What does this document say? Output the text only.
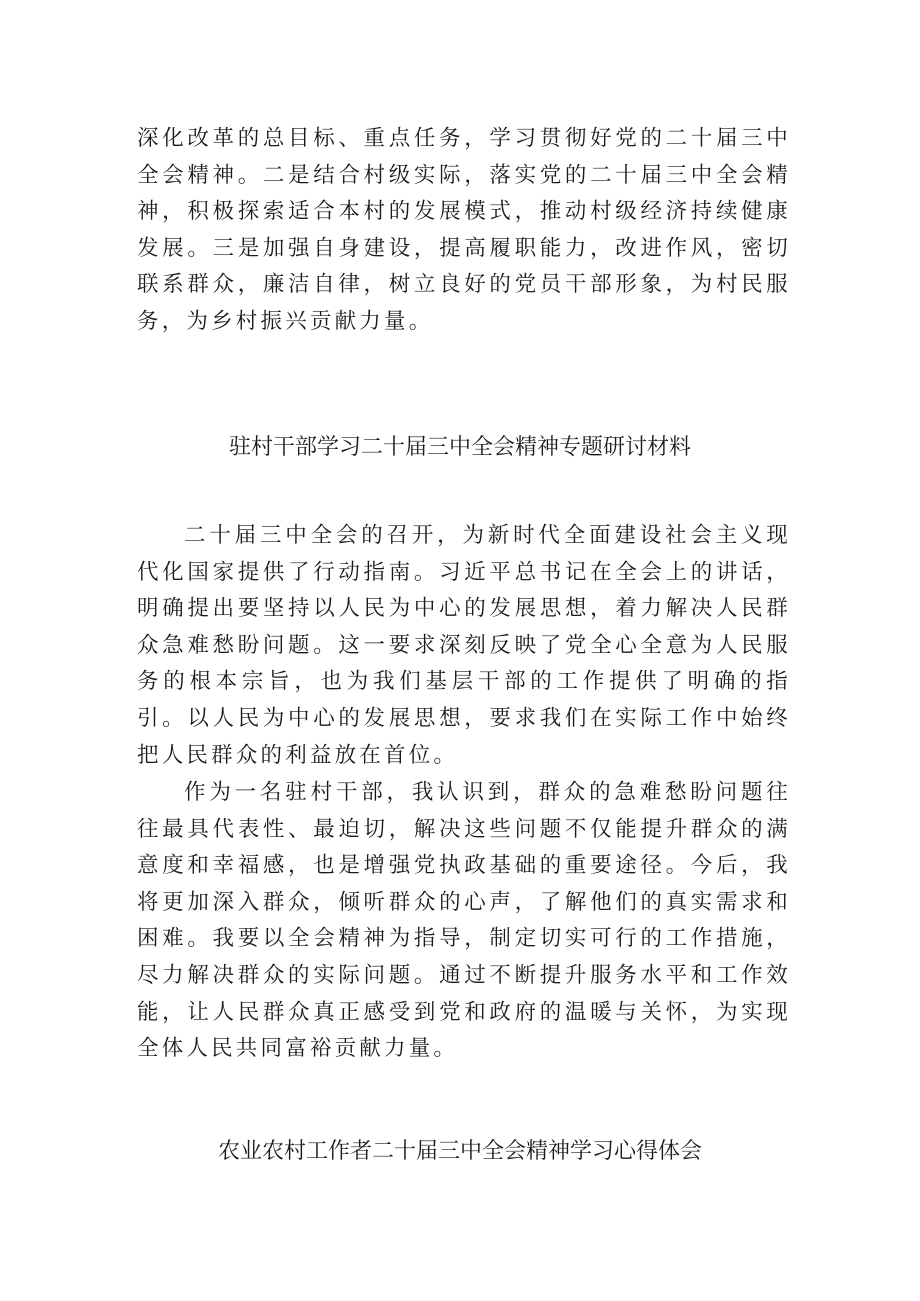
深化改革的总目标、重点任务，学习贯彻好党的二十届三中全会精神。二是结合村级实际，落实党的二十届三中全会精神，积极探索适合本村的发展模式，推动村级经济持续健康发展。三是加强自身建设，提高履职能力，改进作风，密切联系群众，廉洁自律，树立良好的党员干部形象，为村民服务，为乡村振兴贡献力量。

驻村干部学习二十届三中全会精神专题研讨材料

二十届三中全会的召开，为新时代全面建设社会主义现代化国家提供了行动指南。习近平总书记在全会上的讲话，明确提出要坚持以人民为中心的发展思想，着力解决人民群众急难愁盼问题。这一要求深刻反映了党全心全意为人民服务的根本宗旨，也为我们基层干部的工作提供了明确的指引。以人民为中心的发展思想，要求我们在实际工作中始终把人民群众的利益放在首位。

作为一名驻村干部，我认识到，群众的急难愁盼问题往往最具代表性、最迫切，解决这些问题不仅能提升群众的满意度和幸福感，也是增强党执政基础的重要途径。今后，我将更加深入群众，倾听群众的心声，了解他们的真实需求和困难。我要以全会精神为指导，制定切实可行的工作措施，尽力解决群众的实际问题。通过不断提升服务水平和工作效能，让人民群众真正感受到党和政府的温暖与关怀，为实现全体人民共同富裕贡献力量。

农业农村工作者二十届三中全会精神学习心得体会
